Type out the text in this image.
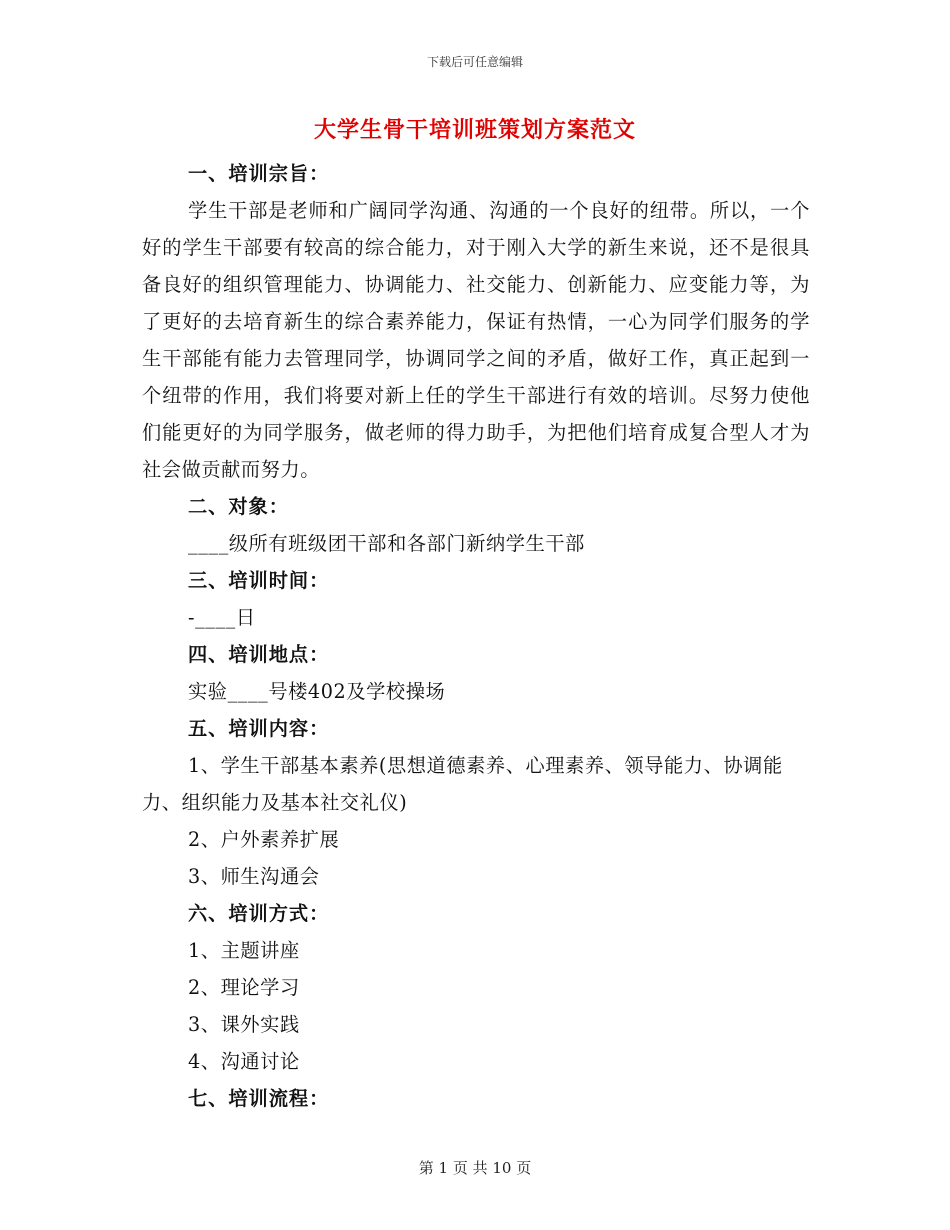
下载后可任意编辑
大学生骨干培训班策划方案范文
一、培训宗旨：
学生干部是老师和广阔同学沟通、沟通的一个良好的纽带。所以，一个好的学生干部要有较高的综合能力，对于刚入大学的新生来说，还不是很具备良好的组织管理能力、协调能力、社交能力、创新能力、应变能力等，为了更好的去培育新生的综合素养能力，保证有热情，一心为同学们服务的学生干部能有能力去管理同学，协调同学之间的矛盾，做好工作，真正起到一个纽带的作用，我们将要对新上任的学生干部进行有效的培训。尽努力使他们能更好的为同学服务，做老师的得力助手，为把他们培育成复合型人才为社会做贡献而努力。
二、对象：
____级所有班级团干部和各部门新纳学生干部
三、培训时间：
-____日
四、培训地点：
实验____号楼402及学校操场
五、培训内容：
1、学生干部基本素养(思想道德素养、心理素养、领导能力、协调能力、组织能力及基本社交礼仪)
2、户外素养扩展
3、师生沟通会
六、培训方式：
1、主题讲座
2、理论学习
3、课外实践
4、沟通讨论
七、培训流程：
第 1 页 共 10 页
